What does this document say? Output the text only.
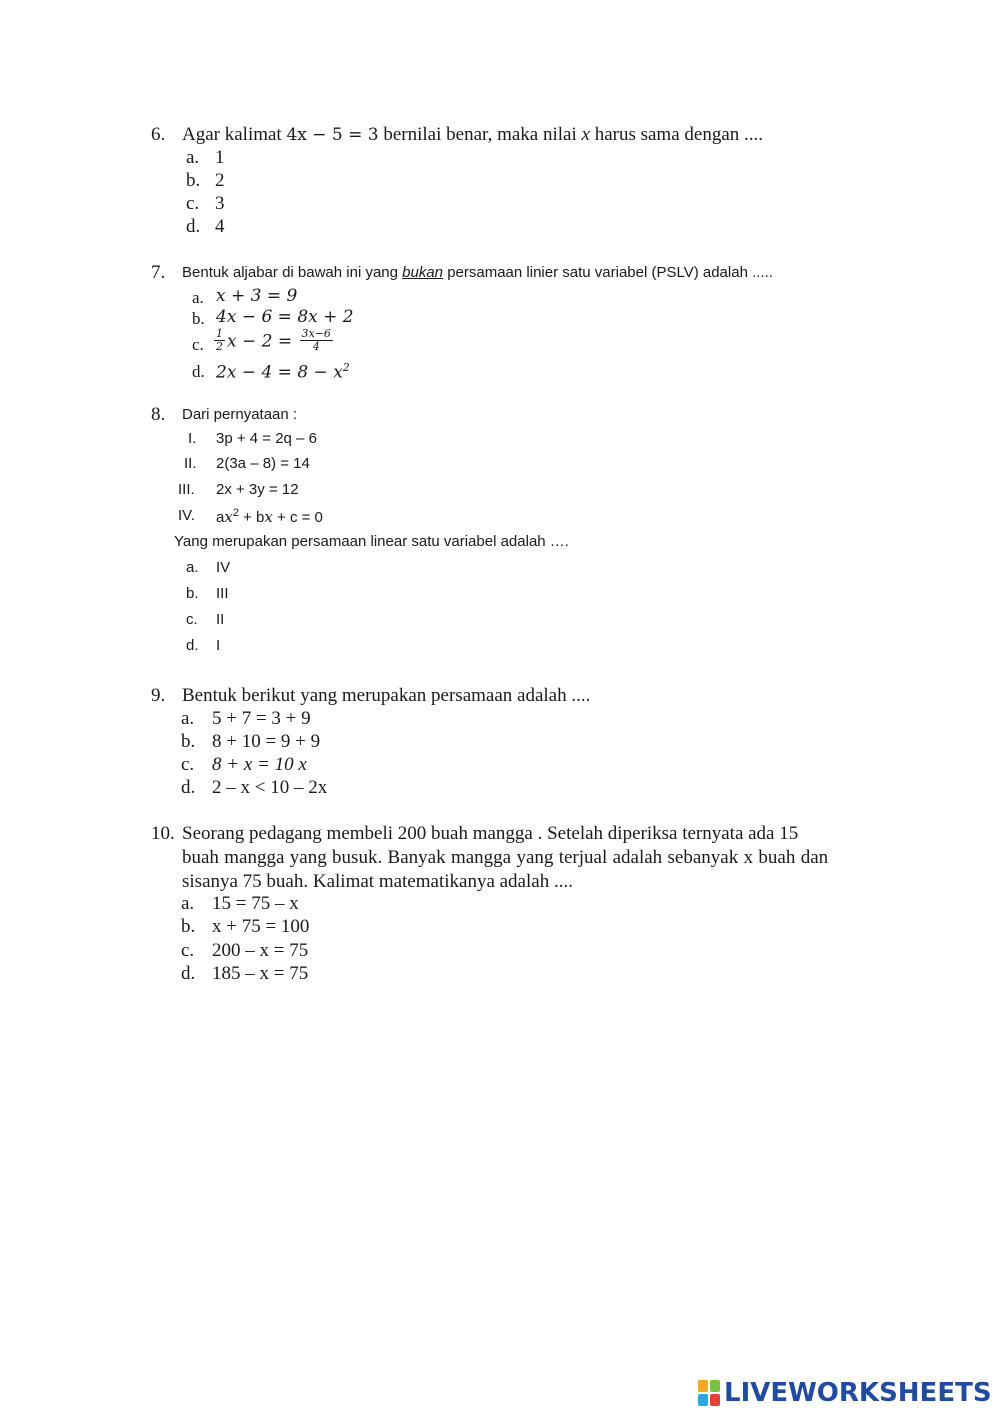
6. Agar kalimat 4x − 5 = 3 bernilai benar, maka nilai x harus sama dengan ....
a. 1
b. 2
c. 3
d. 4
7. Bentuk aljabar di bawah ini yang bukan persamaan linier satu variabel (PSLV) adalah .....
a. x + 3 = 9
b. 4x − 6 = 8x + 2
c. $\frac{1}{2}$ $x - 2 = \frac{3x-6}{4}$
d. $2x - 4 = 8 - x^2$
8. Dari pernyataan :
I. 3p + 4 = 2q – 6
II. 2(3a – 8) = 14
III. 2x + 3y = 12
IV. $ax^2$ + bx + c = 0
Yang merupakan persamaan linear satu variabel adalah ….
a. IV
b. III
c. II
d. I
9. Bentuk berikut yang merupakan persamaan adalah ....
a. 5 + 7 = 3 + 9
b. 8 + 10 = 9 + 9
c. 8 + x = 10 x
d. 2 – x < 10 – 2x
10. Seorang pedagang membeli 200 buah mangga . Setelah diperiksa ternyata ada 15
buah mangga yang busuk. Banyak mangga yang terjual adalah sebanyak x buah dan
sisanya 75 buah. Kalimat matematikanya adalah ....
a. 15 = 75 – x
b. x + 75 = 100
c. 200 – x = 75
d. 185 – x = 75
LIVEWORKSHEETS
